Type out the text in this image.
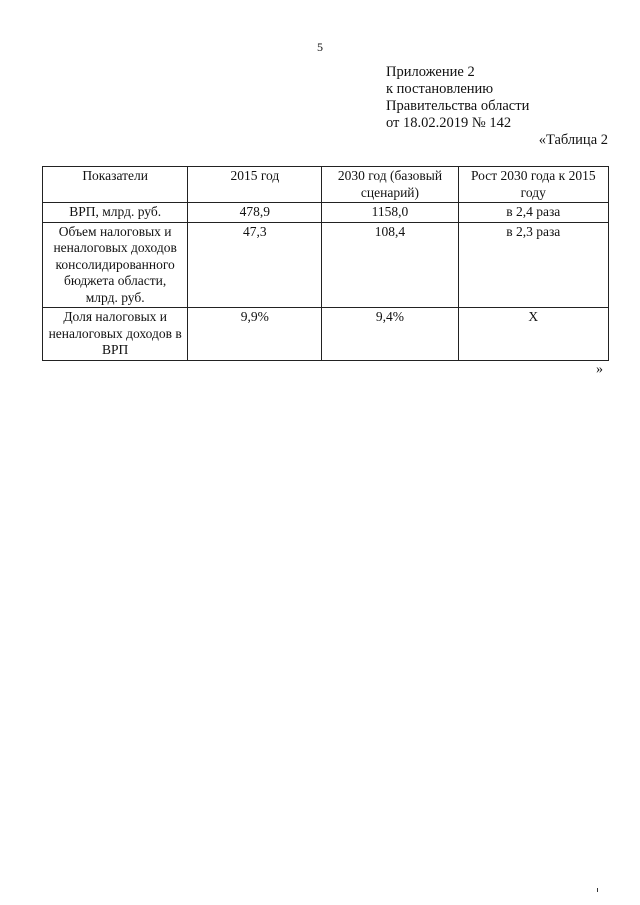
5
Приложение 2
к постановлению
Правительства области
от 18.02.2019 № 142
«Таблица 2
Показатели	2015 год	2030 год (базовый сценарий)	Рост 2030 года к 2015 году
ВРП, млрд. руб.	478,9	1158,0	в 2,4 раза
Объем налоговых и неналоговых доходов консолидированного бюджета области, млрд. руб.	47,3	108,4	в 2,3 раза
Доля налоговых и неналоговых доходов в ВРП	9,9%	9,4%	X
»
